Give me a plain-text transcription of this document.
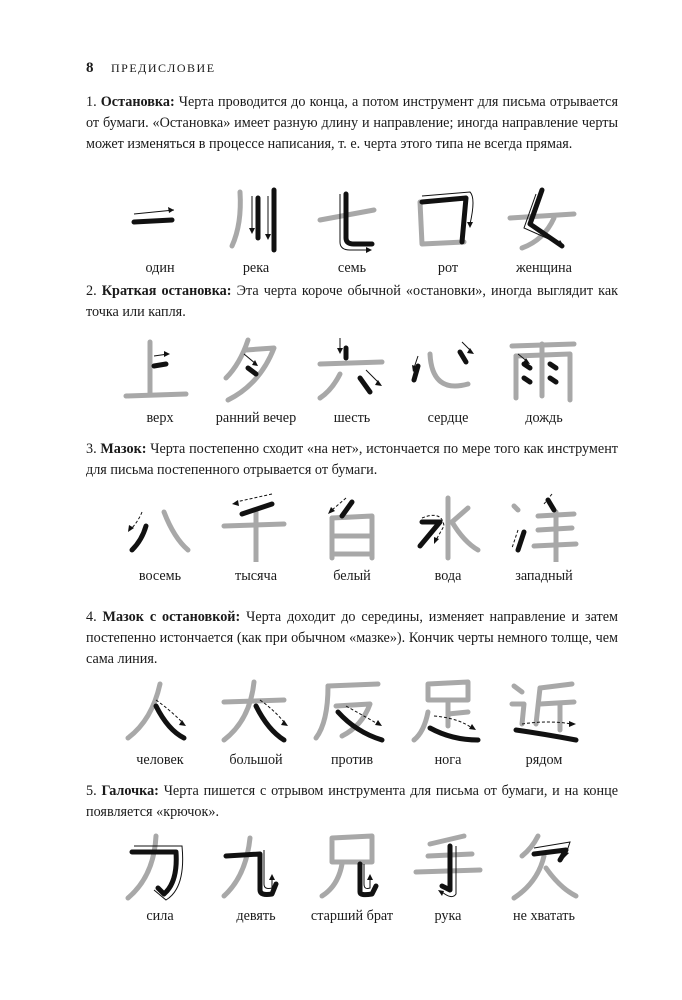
8 ПРЕДИСЛОВИЕ
1. Остановка: Черта проводится до конца, а потом инструмент для письма отрывается от бумаги. «Остановка» имеет разную длину и направление; иногда направление черты может изменяться в процессе написания, т. е. черта этого типа не всегда прямая.
один	река	семь	рот	женщина
2. Краткая остановка: Эта черта короче обычной «остановки», иногда выглядит как точка или капля.
верх	ранний вечер	шесть	сердце	дождь
3. Мазок: Черта постепенно сходит «на нет», истончается по мере того как инструмент для письма постепенного отрывается от бумаги.
восемь	тысяча	белый	вода	западный
4. Мазок с остановкой: Черта доходит до середины, изменяет направление и затем постепенно истончается (как при обычном «мазке»). Кончик черты немного толще, чем сама линия.
человек	большой	против	нога	рядом
5. Галочка: Черта пишется с отрывом инструмента для письма от бумаги, и на конце появляется «крючок».
сила	девять старший брат	рука	не хватать
